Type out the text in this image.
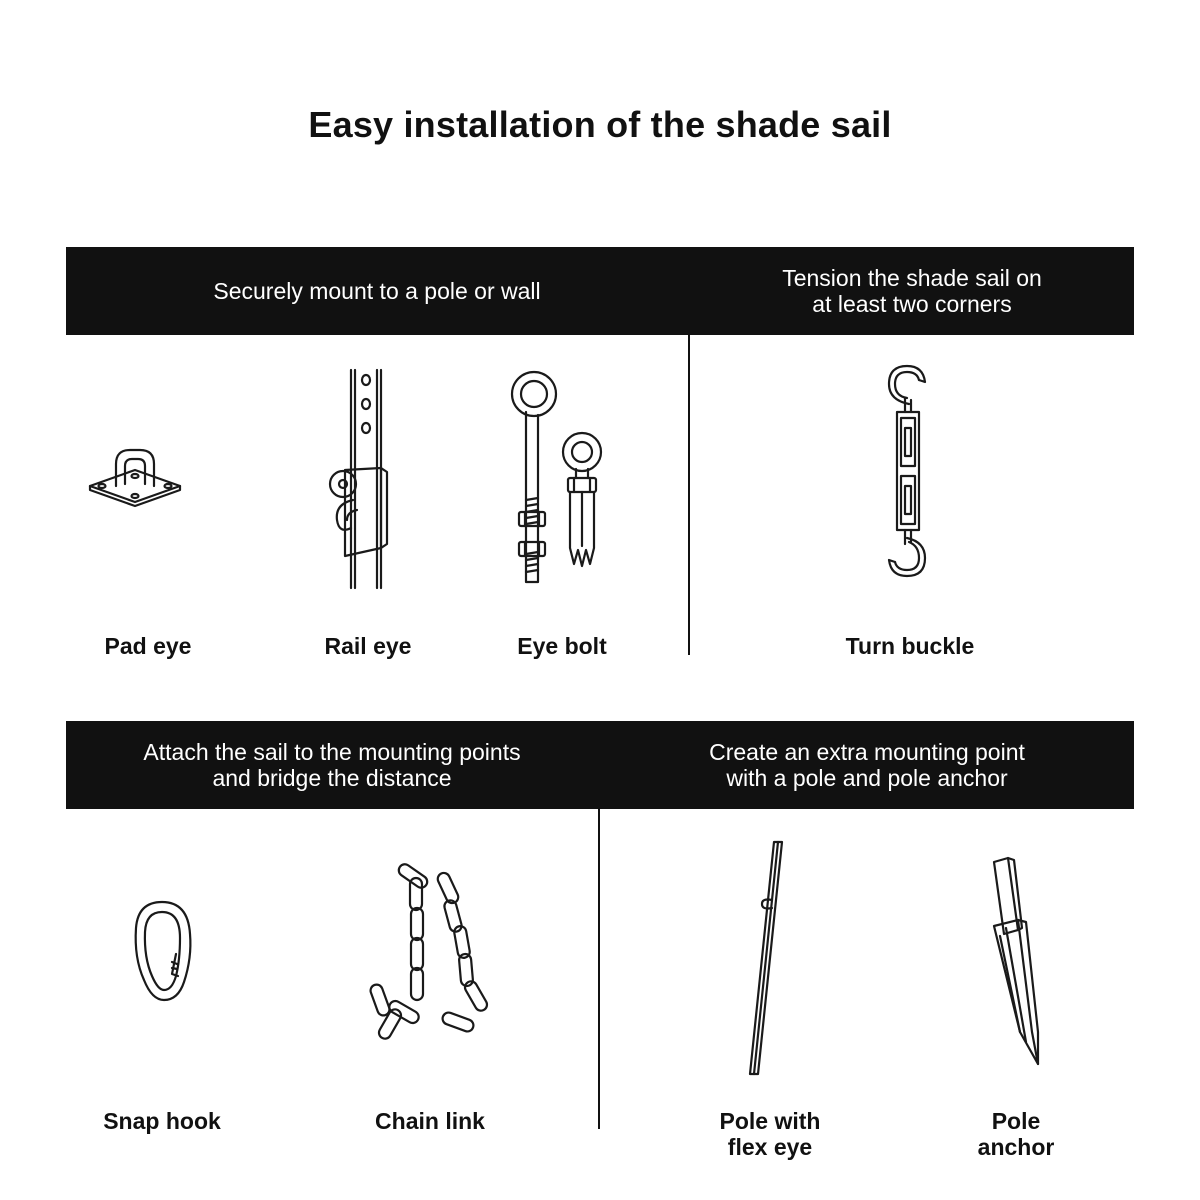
Easy installation of the shade sail
Securely mount to a pole or wall	Tension the shade sail on
at least two corners
Attach the sail to the mounting points
and bridge the distance
Create an extra mounting point
with a pole and pole anchor
Pad eye	Rail eye	Eye bolt	Turn buckle
Snap hook	Chain link	Pole with
flex eye
Pole
anchor
